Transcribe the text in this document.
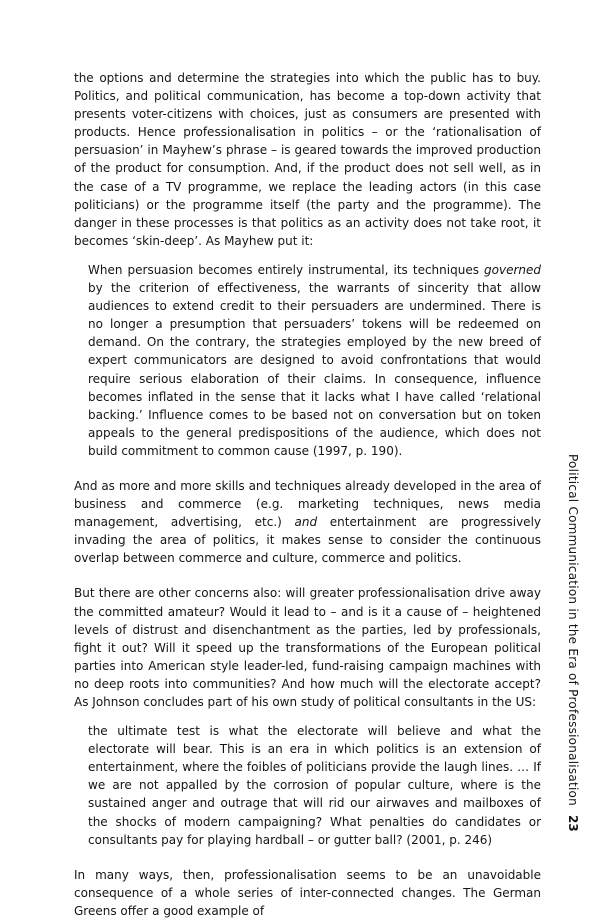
the options and determine the strategies into which the public has to buy. Politics, and political communication, has become a top-down activity that presents voter-citizens with choices, just as consumers are presented with products. Hence professionalisation in politics – or the ‘rationalisation of persuasion’ in Mayhew’s phrase – is geared towards the improved production of the product for consumption. And, if the product does not sell well, as in the case of a TV programme, we replace the leading actors (in this case politicians) or the programme itself (the party and the programme). The danger in these processes is that politics as an activity does not take root, it becomes ‘skin-deep’. As Mayhew put it:

When persuasion becomes entirely instrumental, its techniques governed by the criterion of effectiveness, the warrants of sincerity that allow audiences to extend credit to their persuaders are undermined. There is no longer a presumption that persuaders’ tokens will be redeemed on demand. On the contrary, the strategies employed by the new breed of expert communicators are designed to avoid confrontations that would require serious elaboration of their claims. In consequence, influence becomes inflated in the sense that it lacks what I have called ‘relational backing.’ Influence comes to be based not on conversation but on token appeals to the general predispositions of the audience, which does not build commitment to common cause (1997, p. 190).

And as more and more skills and techniques already developed in the area of business and commerce (e.g. marketing techniques, news media management, advertising, etc.) and entertainment are progressively invading the area of politics, it makes sense to consider the continuous overlap between commerce and culture, commerce and politics.

But there are other concerns also: will greater professionalisation drive away the committed amateur? Would it lead to – and is it a cause of – heightened levels of distrust and disenchantment as the parties, led by professionals, fight it out? Will it speed up the transformations of the European political parties into American style leader-led, fund-raising campaign machines with no deep roots into communities? And how much will the electorate accept? As Johnson concludes part of his own study of political consultants in the US:

the ultimate test is what the electorate will believe and what the electorate will bear. This is an era in which politics is an extension of entertainment, where the foibles of politicians provide the laugh lines. … If we are not appalled by the corrosion of popular culture, where is the sustained anger and outrage that will rid our airwaves and mailboxes of the shocks of modern campaigning? What penalties do candidates or consultants pay for playing hardball – or gutter ball? (2001, p. 246)

In many ways, then, professionalisation seems to be an unavoidable consequence of a whole series of inter-connected changes. The German Greens offer a good example of

Political Communication in the Era of Professionalisation23
